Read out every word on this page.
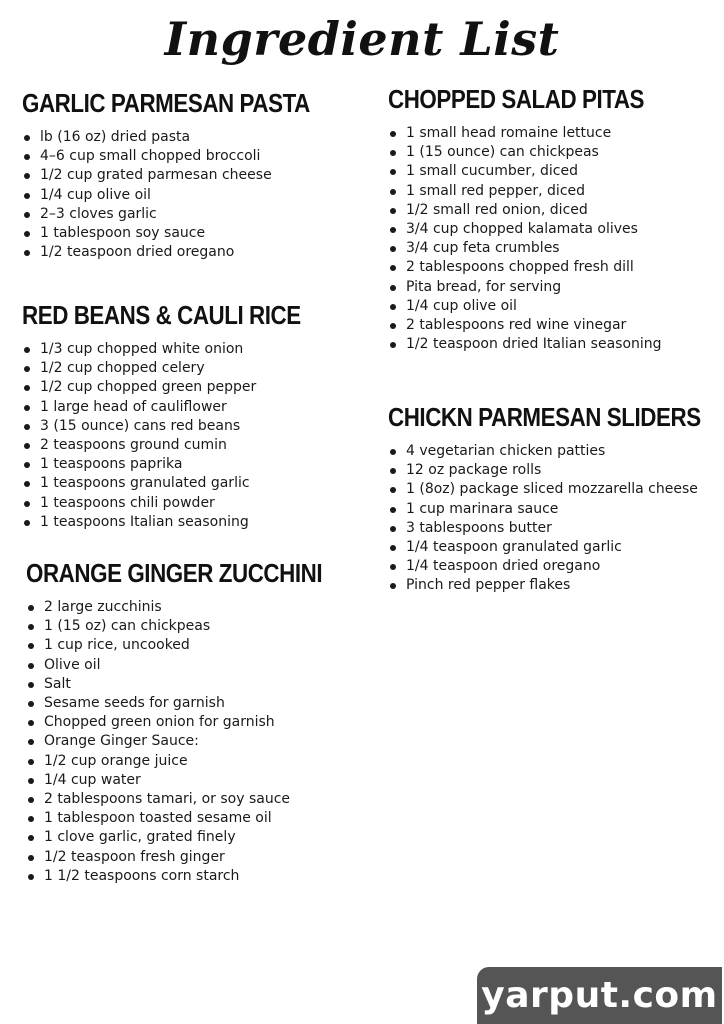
Ingredient List
GARLIC PARMESAN PASTA
lb (16 oz) dried pasta
4–6 cup small chopped broccoli
1/2 cup grated parmesan cheese
1/4 cup olive oil
2–3 cloves garlic
1 tablespoon soy sauce
1/2 teaspoon dried oregano
RED BEANS & CAULI RICE
1/3 cup chopped white onion
1/2 cup chopped celery
1/2 cup chopped green pepper
1 large head of cauliflower
3 (15 ounce) cans red beans
2 teaspoons ground cumin
1 teaspoons paprika
1 teaspoons granulated garlic
1 teaspoons chili powder
1 teaspoons Italian seasoning
ORANGE GINGER ZUCCHINI
2 large zucchinis
1 (15 oz) can chickpeas
1 cup rice, uncooked
Olive oil
Salt
Sesame seeds for garnish
Chopped green onion for garnish
Orange Ginger Sauce:
1/2 cup orange juice
1/4 cup water
2 tablespoons tamari, or soy sauce
1 tablespoon toasted sesame oil
1 clove garlic, grated finely
1/2 teaspoon fresh ginger
1 1/2 teaspoons corn starch
CHOPPED SALAD PITAS
1 small head romaine lettuce
1 (15 ounce) can chickpeas
1 small cucumber, diced
1 small red pepper, diced
1/2 small red onion, diced
3/4 cup chopped kalamata olives
3/4 cup feta crumbles
2 tablespoons chopped fresh dill
Pita bread, for serving
1/4 cup olive oil
2 tablespoons red wine vinegar
1/2 teaspoon dried Italian seasoning
CHICKN PARMESAN SLIDERS
4 vegetarian chicken patties
12 oz package rolls
1 (8oz) package sliced mozzarella cheese
1 cup marinara sauce
3 tablespoons butter
1/4 teaspoon granulated garlic
1/4 teaspoon dried oregano
Pinch red pepper flakes
yarput.com
